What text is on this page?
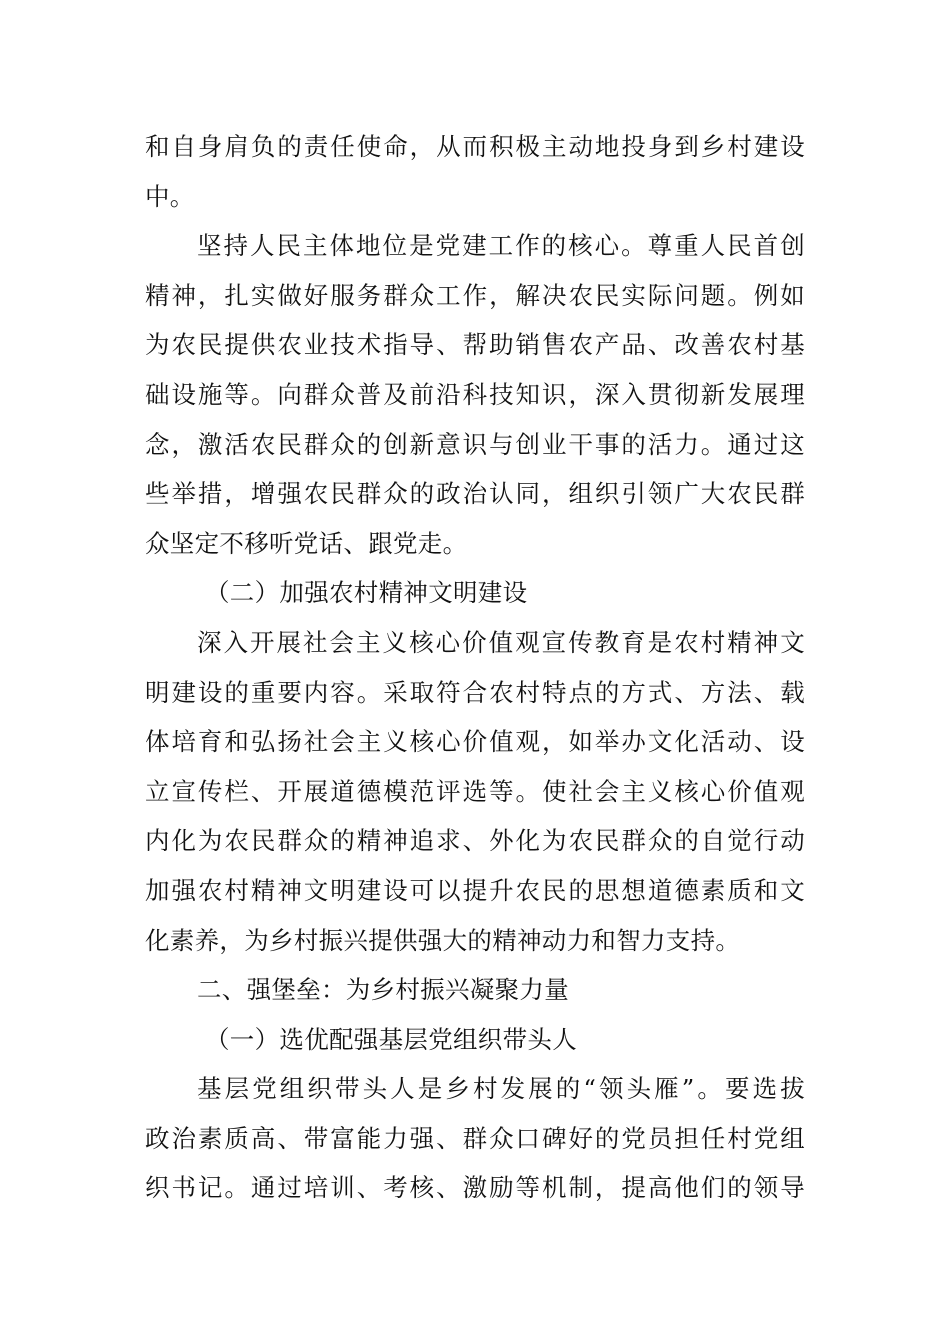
和自身肩负的责任使命，从而积极主动地投身到乡村建设
中。
坚持人民主体地位是党建工作的核心。尊重人民首创
精神，扎实做好服务群众工作，解决农民实际问题。例如
为农民提供农业技术指导、帮助销售农产品、改善农村基
础设施等。向群众普及前沿科技知识，深入贯彻新发展理
念，激活农民群众的创新意识与创业干事的活力。通过这
些举措，增强农民群众的政治认同，组织引领广大农民群
众坚定不移听党话、跟党走。
（二）加强农村精神文明建设
深入开展社会主义核心价值观宣传教育是农村精神文
明建设的重要内容。采取符合农村特点的方式、方法、载
体培育和弘扬社会主义核心价值观，如举办文化活动、设
立宣传栏、开展道德模范评选等。使社会主义核心价值观
内化为农民群众的精神追求、外化为农民群众的自觉行动
加强农村精神文明建设可以提升农民的思想道德素质和文
化素养，为乡村振兴提供强大的精神动力和智力支持。
二、强堡垒：为乡村振兴凝聚力量
（一）选优配强基层党组织带头人
基层党组织带头人是乡村发展的“领头雁”。要选拔
政治素质高、带富能力强、群众口碑好的党员担任村党组
织书记。通过培训、考核、激励等机制，提高他们的领导
